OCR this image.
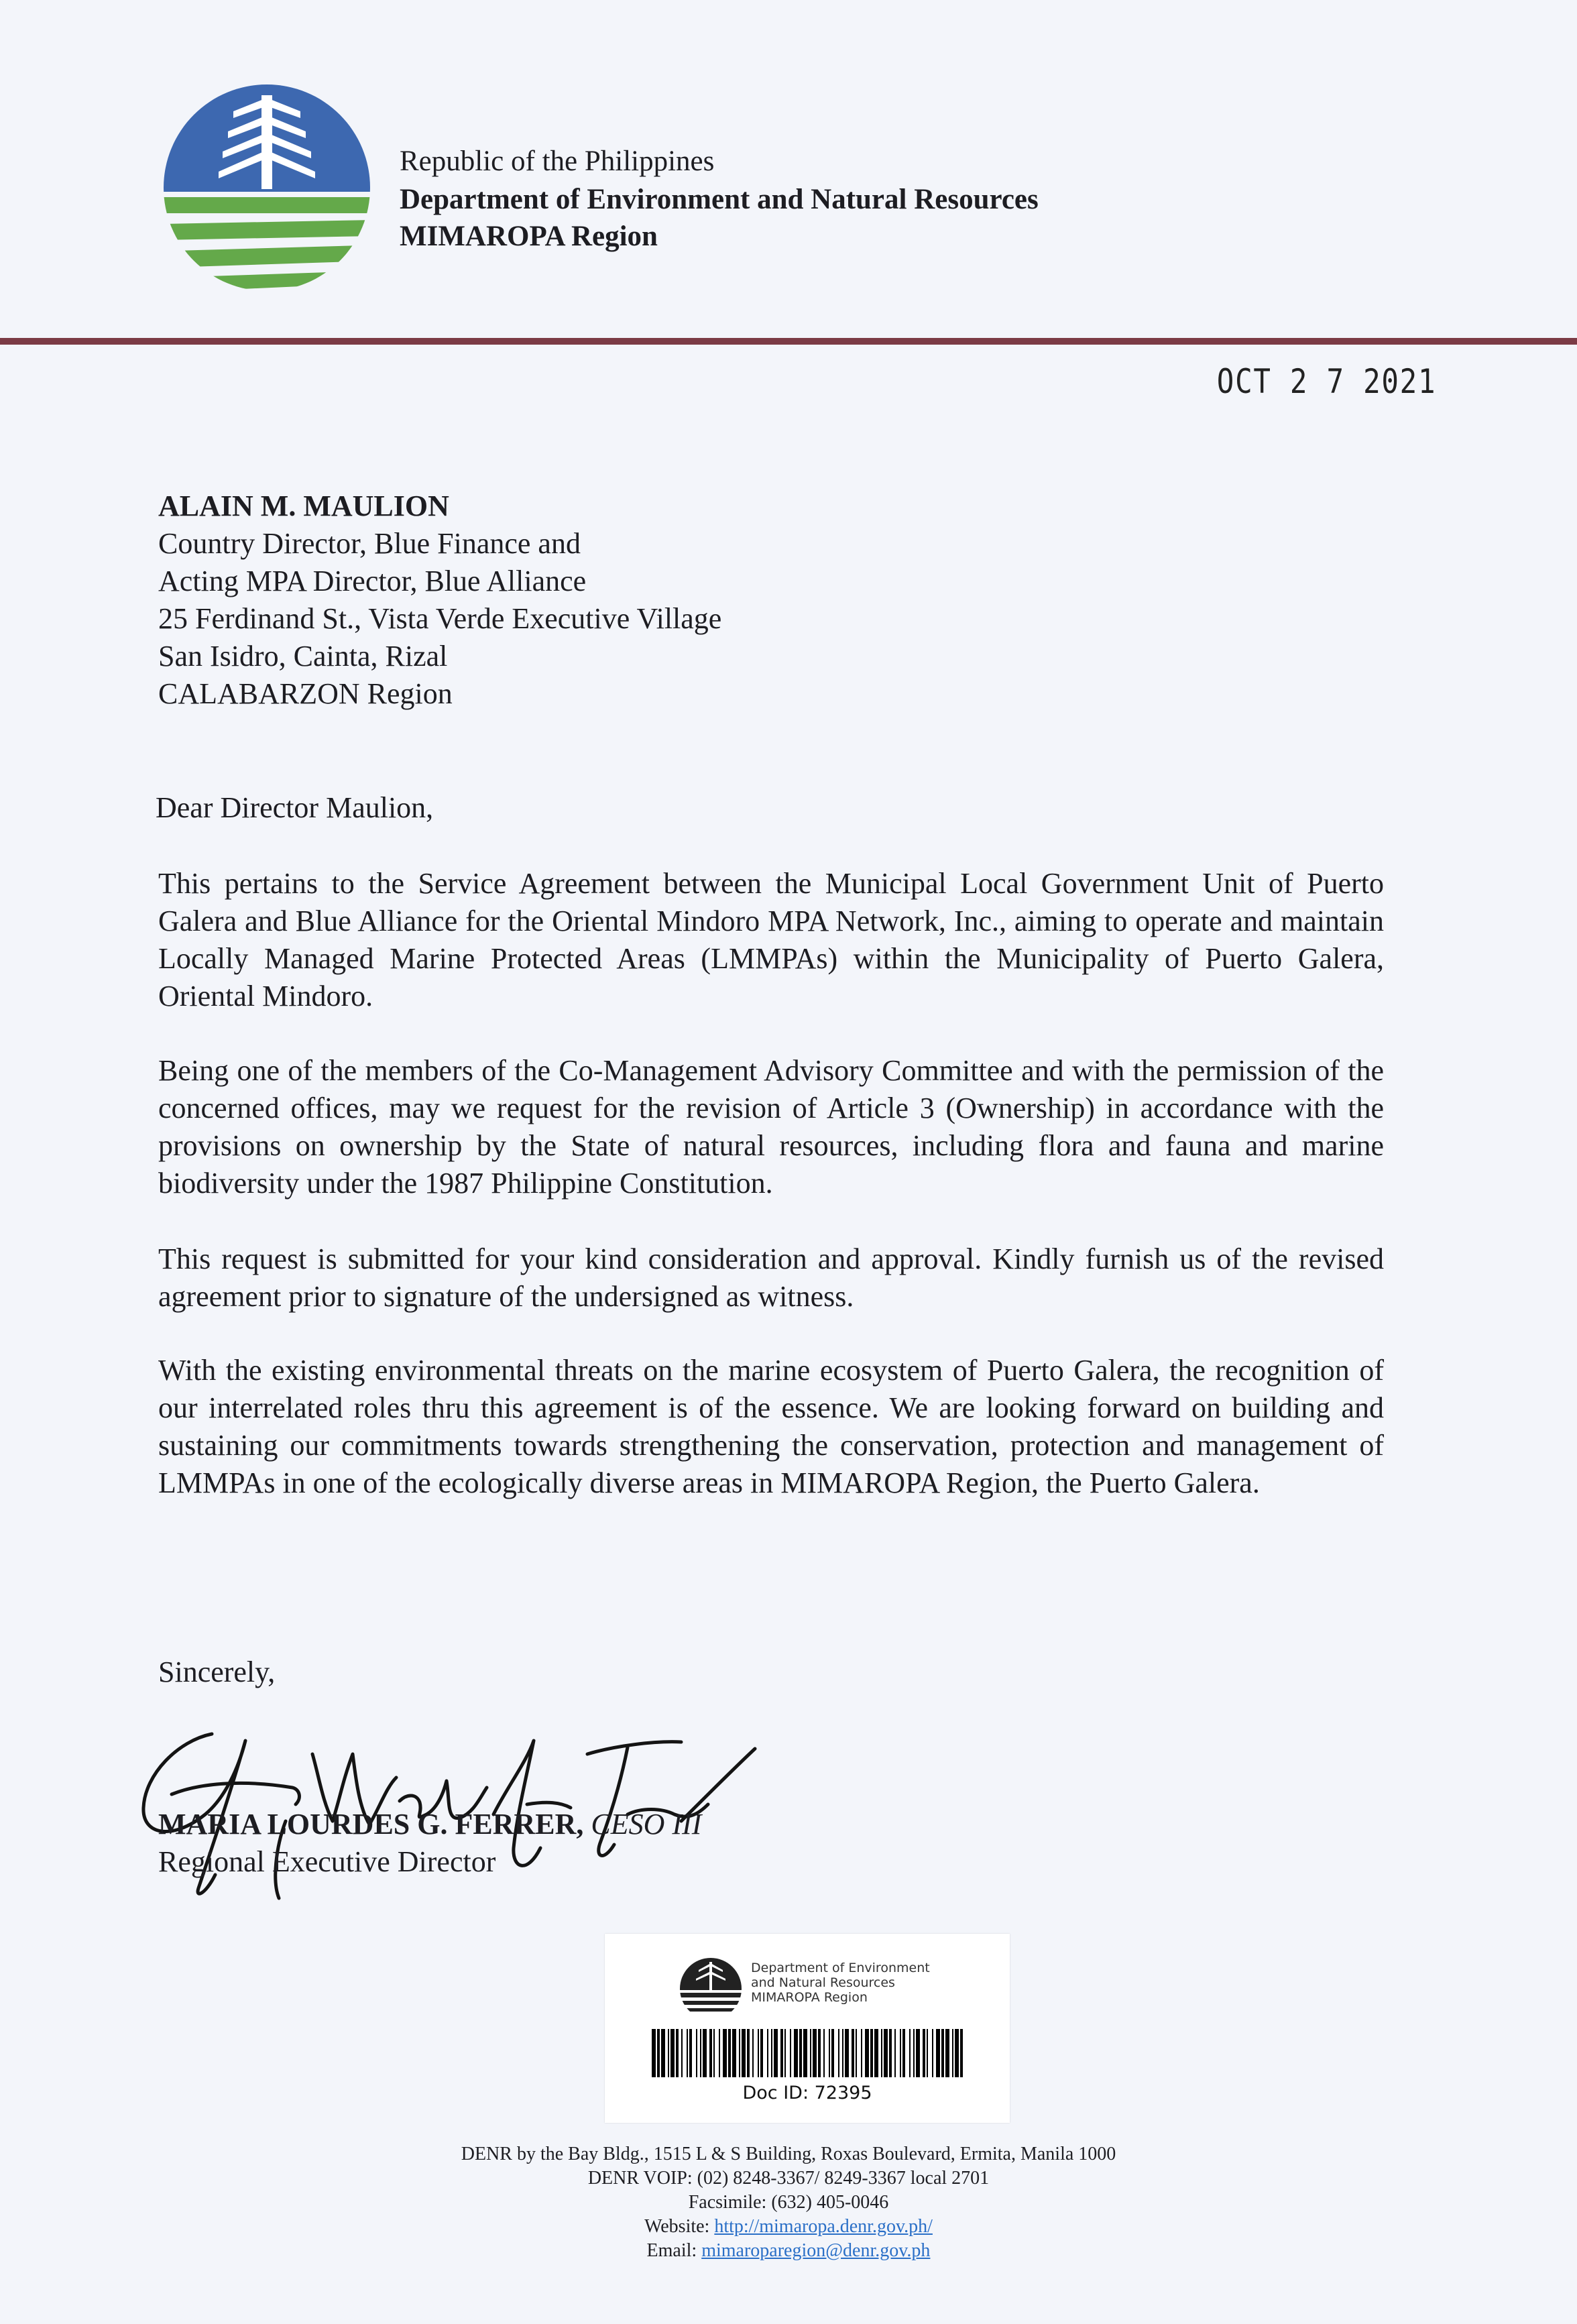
Republic of the Philippines
Department of Environment and Natural Resources
MIMAROPA Region
OCT 2 7 2021
ALAIN M. MAULION
Country Director, Blue Finance and
Acting MPA Director, Blue Alliance
25 Ferdinand St., Vista Verde Executive Village
San Isidro, Cainta, Rizal
CALABARZON Region
Dear Director Maulion,
This pertains to the Service Agreement between the Municipal Local Government Unit of Puerto Galera and Blue Alliance for the Oriental Mindoro MPA Network, Inc., aiming to operate and maintain Locally Managed Marine Protected Areas (LMMPAs) within the Municipality of Puerto Galera, Oriental Mindoro.
Being one of the members of the Co-Management Advisory Committee and with the permission of the concerned offices, may we request for the revision of Article 3 (Ownership) in accordance with the provisions on ownership by the State of natural resources, including flora and fauna and marine biodiversity under the 1987 Philippine Constitution.
This request is submitted for your kind consideration and approval. Kindly furnish us of the revised agreement prior to signature of the undersigned as witness.
With the existing environmental threats on the marine ecosystem of Puerto Galera, the recognition of our interrelated roles thru this agreement is of the essence. We are looking forward on building and sustaining our commitments towards strengthening the conservation, protection and management of LMMPAs in one of the ecologically diverse areas in MIMAROPA Region, the Puerto Galera.
Sincerely,
MARIA LOURDES G. FERRER, CESO III
Regional Executive Director
Department of Environment
and Natural Resources
MIMAROPA Region
Doc ID: 72395
DENR by the Bay Bldg., 1515 L & S Building, Roxas Boulevard, Ermita, Manila 1000
DENR VOIP: (02) 8248-3367/ 8249-3367 local 2701
Facsimile: (632) 405-0046
Website: http://mimaropa.denr.gov.ph/
Email: mimaroparegion@denr.gov.ph
